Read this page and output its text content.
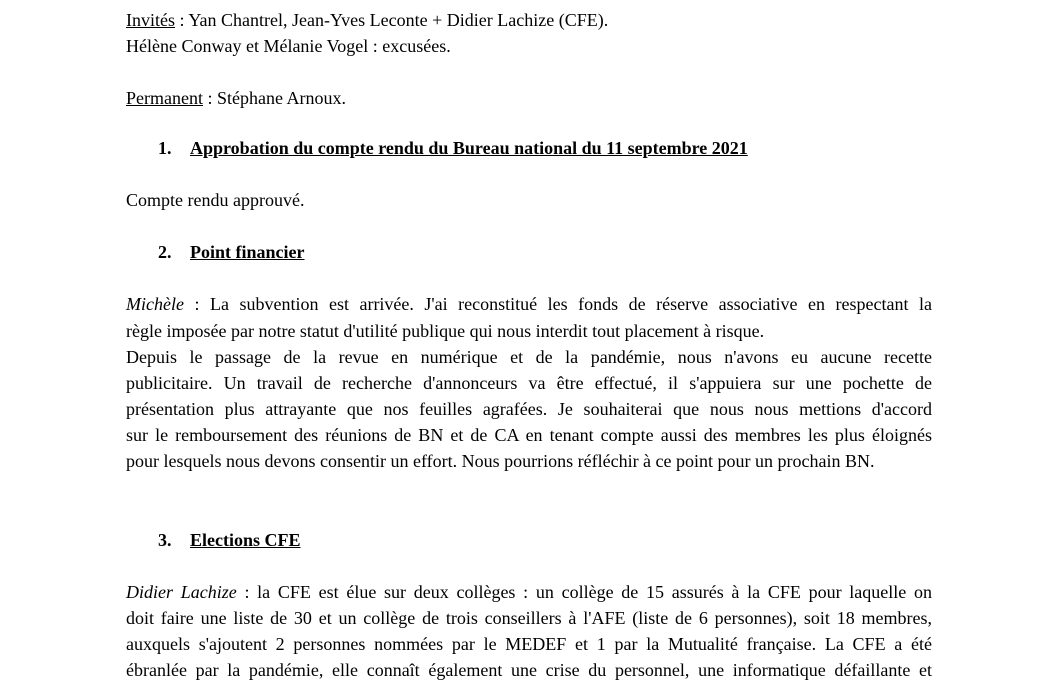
Invités : Yan Chantrel, Jean-Yves Leconte + Didier Lachize (CFE).
Hélène Conway et Mélanie Vogel : excusées.
Permanent : Stéphane Arnoux.
1. Approbation du compte rendu du Bureau national du 11 septembre 2021
Compte rendu approuvé.
2. Point financier
Michèle : La subvention est arrivée. J'ai reconstitué les fonds de réserve associative en respectant la
règle imposée par notre statut d'utilité publique qui nous interdit tout placement à risque.
Depuis le passage de la revue en numérique et de la pandémie, nous n'avons eu aucune recette
publicitaire. Un travail de recherche d'annonceurs va être effectué, il s'appuiera sur une pochette de
présentation plus attrayante que nos feuilles agrafées. Je souhaiterai que nous nous mettions d'accord
sur le remboursement des réunions de BN et de CA en tenant compte aussi des membres les plus éloignés
pour lesquels nous devons consentir un effort. Nous pourrions réfléchir à ce point pour un prochain BN.
3. Elections CFE
Didier Lachize : la CFE est élue sur deux collèges : un collège de 15 assurés à la CFE pour laquelle on
doit faire une liste de 30 et un collège de trois conseillers à l'AFE (liste de 6 personnes), soit 18 membres,
auxquels s'ajoutent 2 personnes nommées par le MEDEF et 1 par la Mutualité française. La CFE a été
ébranlée par la pandémie, elle connaît également une crise du personnel, une informatique défaillante et
